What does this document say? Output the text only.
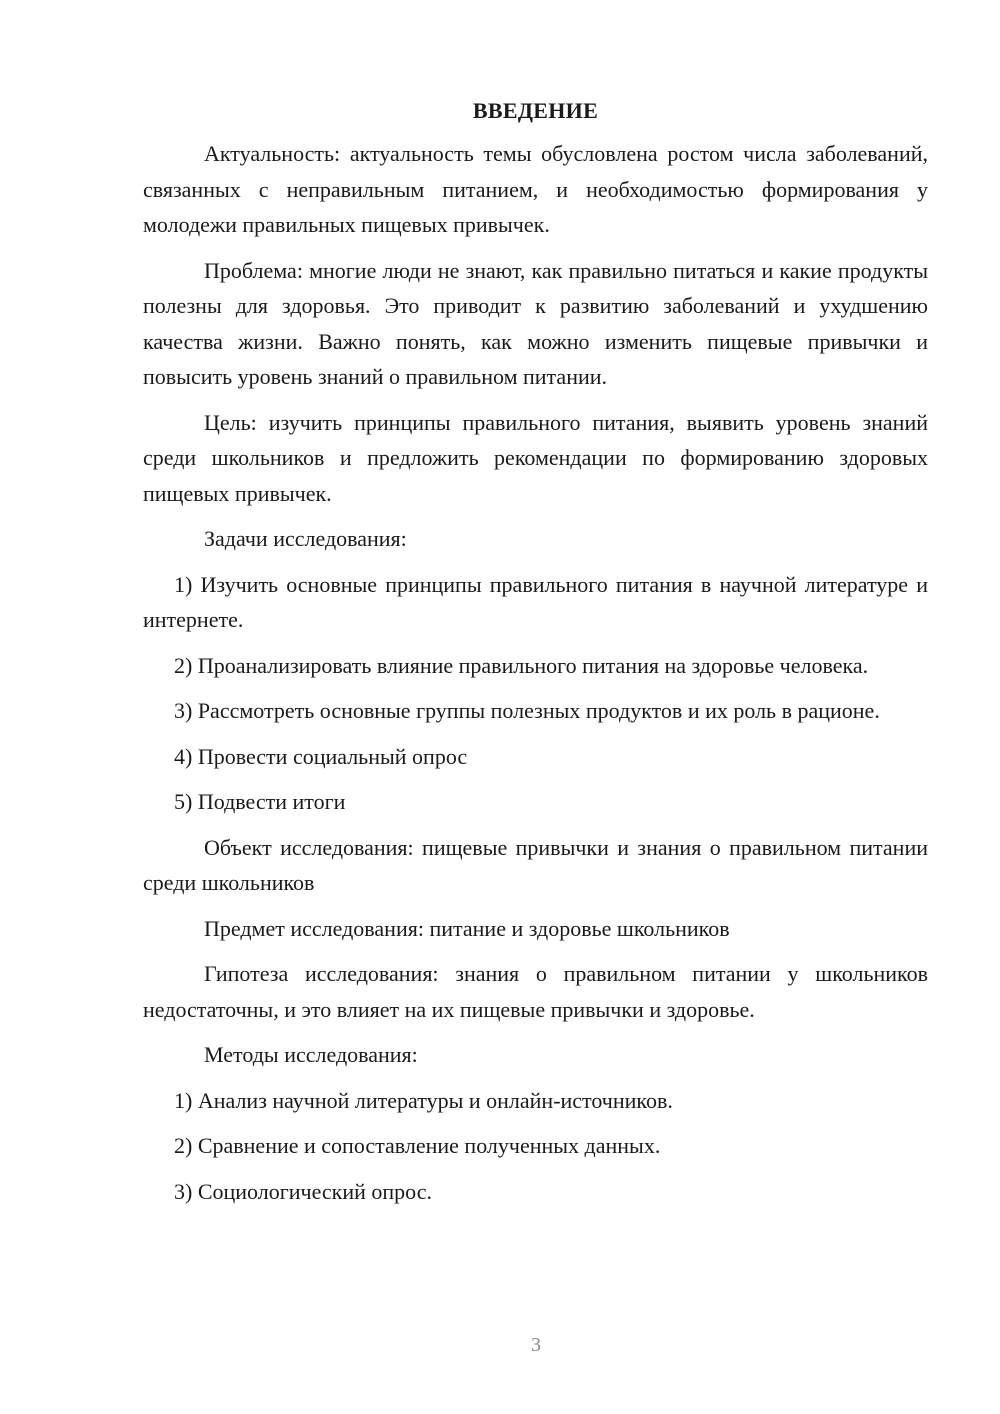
ВВЕДЕНИЕ

Актуальность: актуальность темы обусловлена ростом числа заболеваний, связанных с неправильным питанием, и необходимостью формирования у молодежи правильных пищевых привычек.

Проблема: многие люди не знают, как правильно питаться и какие продукты полезны для здоровья. Это приводит к развитию заболеваний и ухудшению качества жизни. Важно понять, как можно изменить пищевые привычки и повысить уровень знаний о правильном питании.

Цель: изучить принципы правильного питания, выявить уровень знаний среди школьников и предложить рекомендации по формированию здоровых пищевых привычек.

Задачи исследования:

1) Изучить основные принципы правильного питания в научной литературе и интернете.

2) Проанализировать влияние правильного питания на здоровье человека.

3) Рассмотреть основные группы полезных продуктов и их роль в рационе.

4) Провести социальный опрос

5) Подвести итоги

Объект исследования: пищевые привычки и знания о правильном питании среди школьников

Предмет исследования: питание и здоровье школьников

Гипотеза исследования: знания о правильном питании у школьников недостаточны, и это влияет на их пищевые привычки и здоровье.

Методы исследования:

1) Анализ научной литературы и онлайн-источников.

2) Сравнение и сопоставление полученных данных.

3) Социологический опрос.

3
